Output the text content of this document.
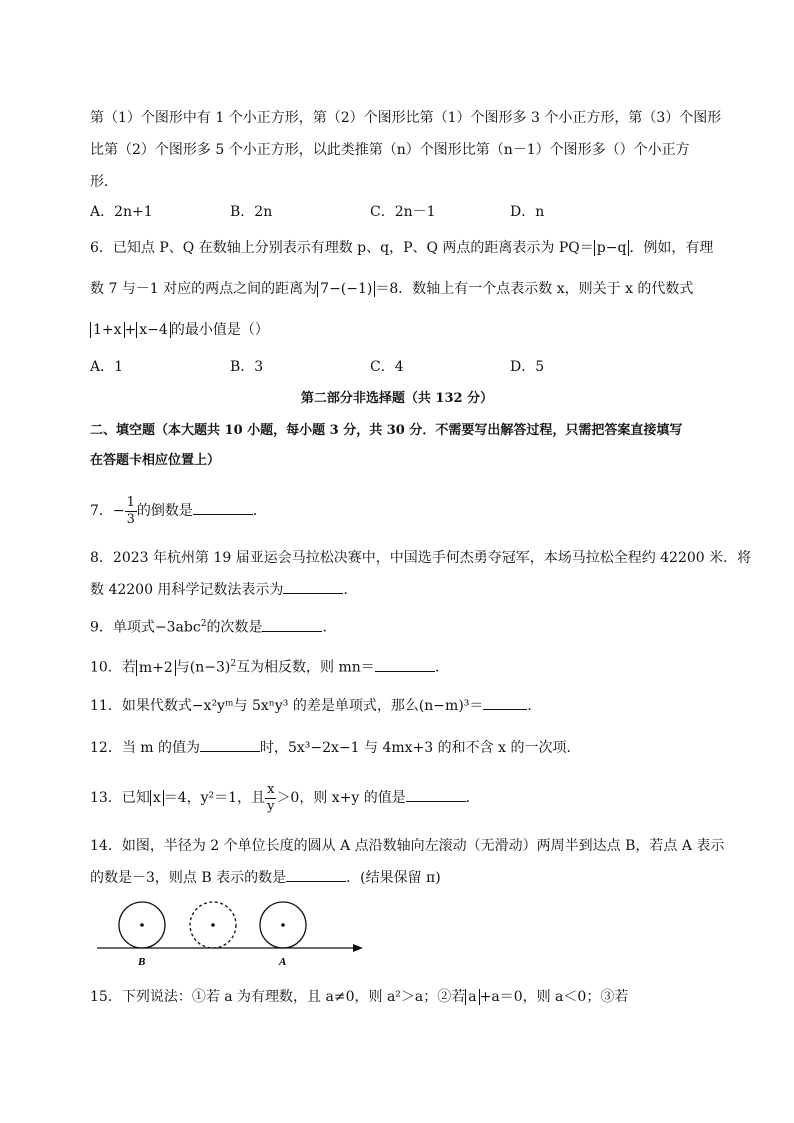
第（1）个图形中有 1 个小正方形，第（2）个图形比第（1）个图形多 3 个小正方形，第（3）个图形
比第（2）个图形多 5 个小正方形，以此类推第（n）个图形比第（n－1）个图形多（）个小正方
形．
A．2n+1	B．2n	C．2n－1	D．n
6．已知点 P、Q 在数轴上分别表示有理数 p、q，P、Q 两点的距离表示为 PQ＝ p−q ．例如，有理
数 7 与－1 对应的两点之间的距离为 7−(−1) ＝8．数轴上有一个点表示数 x，则关于 x 的代数式
1+x + x−4 的最小值是（）
A．1	B．3	C．4	D．5
第二部分非选择题（共 132 分）
二、填空题（本大题共 10 小题，每小题 3 分，共 30 分．不需要写出解答过程，只需把答案直接填写
在答题卡相应位置上）
7．− $\frac{1}{3}$ 的倒数是	．
8．2023 年杭州第 19 届亚运会马拉松决赛中，中国选手何杰勇夺冠军，本场马拉松全程约 42200 米．将
数 42200 用科学记数法表示为	．
9．单项式−3abc$^2$的次数是	．
10．若 m+2 与$(n-3)^2$互为相反数，则 mn＝	．
11．如果代数式−x²yᵐ与 5xⁿy³ 的差是单项式，那么(n−m)³＝	．
12．当 m 的值为	时，5x³−2x−1 与 4mx+3 的和不含 x 的一次项．
13．已知 x ＝4，y²＝1，且 $\frac{x}{y} >0$，则 x+y 的值是	．
14．如图，半径为 2 个单位长度的圆从 A 点沿数轴向左滚动（无滑动）两周半到达点 B，若点 A 表示
的数是－3，则点 B 表示的数是	．(结果保留 π)
B	A
15．下列说法：①若 a 为有理数，且 a≠0，则 a²＞a；②若 a +a＝0，则 a＜0；③若
